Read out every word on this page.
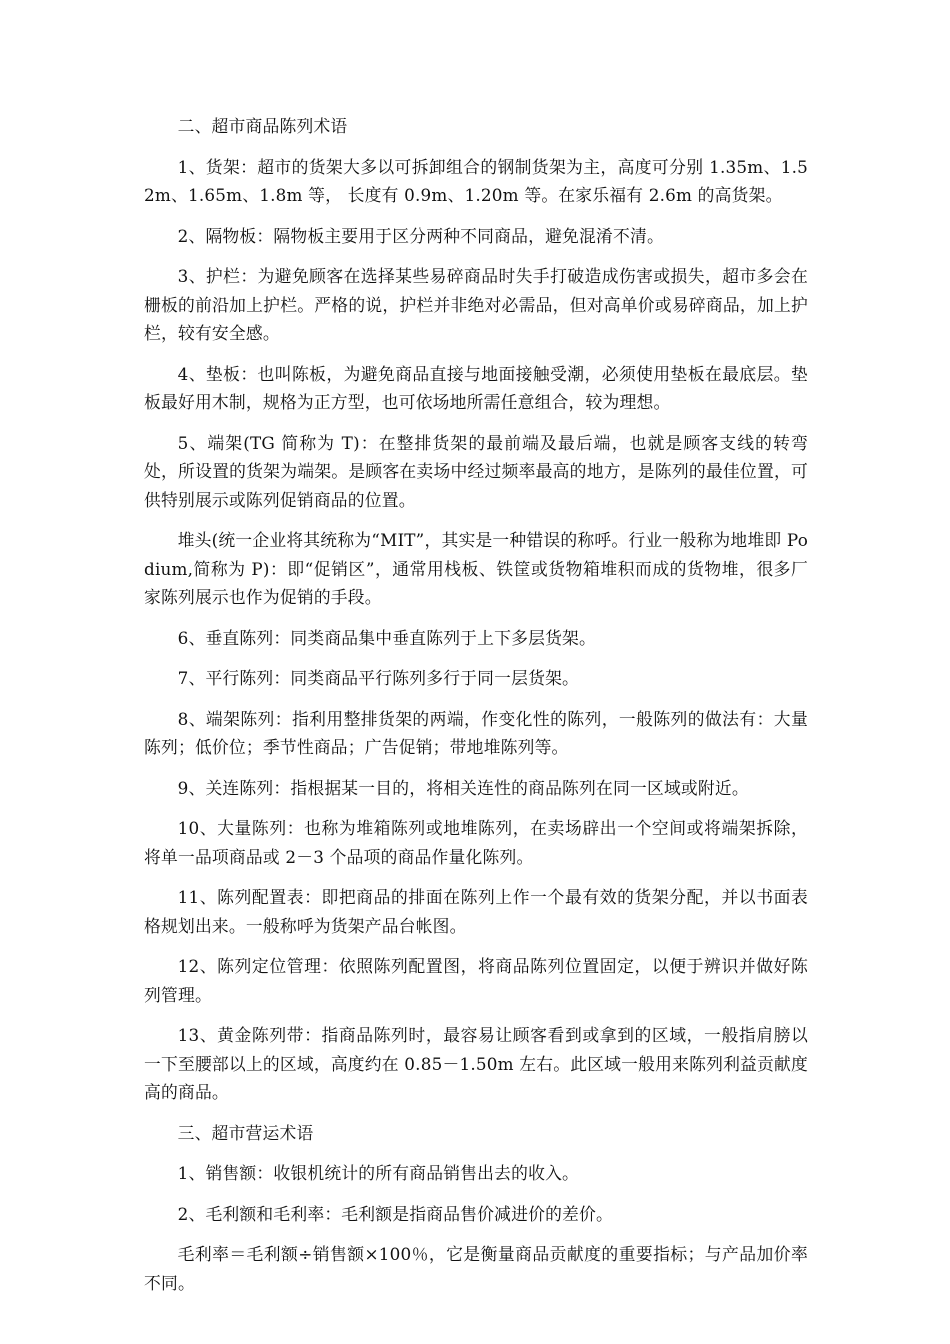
二、超市商品陈列术语

1、货架：超市的货架大多以可拆卸组合的钢制货架为主，高度可分别 1.35m、1.52m、1.65m、1.8m 等， 长度有 0.9m、1.20m 等。在家乐福有 2.6m 的高货架。

2、隔物板：隔物板主要用于区分两种不同商品，避免混淆不清。

3、护栏：为避免顾客在选择某些易碎商品时失手打破造成伤害或损失，超市多会在栅板的前沿加上护栏。严格的说，护栏并非绝对必需品，但对高单价或易碎商品，加上护栏，较有安全感。

4、垫板：也叫陈板，为避免商品直接与地面接触受潮，必须使用垫板在最底层。垫板最好用木制，规格为正方型，也可依场地所需任意组合，较为理想。

5、端架(TG 简称为 T)：在整排货架的最前端及最后端，也就是顾客支线的转弯处，所设置的货架为端架。是顾客在卖场中经过频率最高的地方，是陈列的最佳位置，可供特别展示或陈列促销商品的位置。

堆头(统一企业将其统称为“MIT”，其实是一种错误的称呼。行业一般称为地堆即 Podium,简称为 P)：即“促销区”，通常用栈板、铁筐或货物箱堆积而成的货物堆，很多厂家陈列展示也作为促销的手段。

6、垂直陈列：同类商品集中垂直陈列于上下多层货架。

7、平行陈列：同类商品平行陈列多行于同一层货架。

8、端架陈列：指利用整排货架的两端，作变化性的陈列，一般陈列的做法有：大量陈列；低价位；季节性商品；广告促销；带地堆陈列等。

9、关连陈列：指根据某一目的，将相关连性的商品陈列在同一区域或附近。

10、大量陈列：也称为堆箱陈列或地堆陈列，在卖场辟出一个空间或将端架拆除，将单一品项商品或 2－3 个品项的商品作量化陈列。

11、陈列配置表：即把商品的排面在陈列上作一个最有效的货架分配，并以书面表格规划出来。一般称呼为货架产品台帐图。

12、陈列定位管理：依照陈列配置图，将商品陈列位置固定，以便于辨识并做好陈列管理。

13、黄金陈列带：指商品陈列时，最容易让顾客看到或拿到的区域，一般指肩膀以一下至腰部以上的区域，高度约在 0.85－1.50m 左右。此区域一般用来陈列利益贡献度高的商品。

三、超市营运术语

1、销售额：收银机统计的所有商品销售出去的收入。

2、毛利额和毛利率：毛利额是指商品售价减进价的差价。

毛利率＝毛利额÷销售额×100％，它是衡量商品贡献度的重要指标；与产品加价率不同。
